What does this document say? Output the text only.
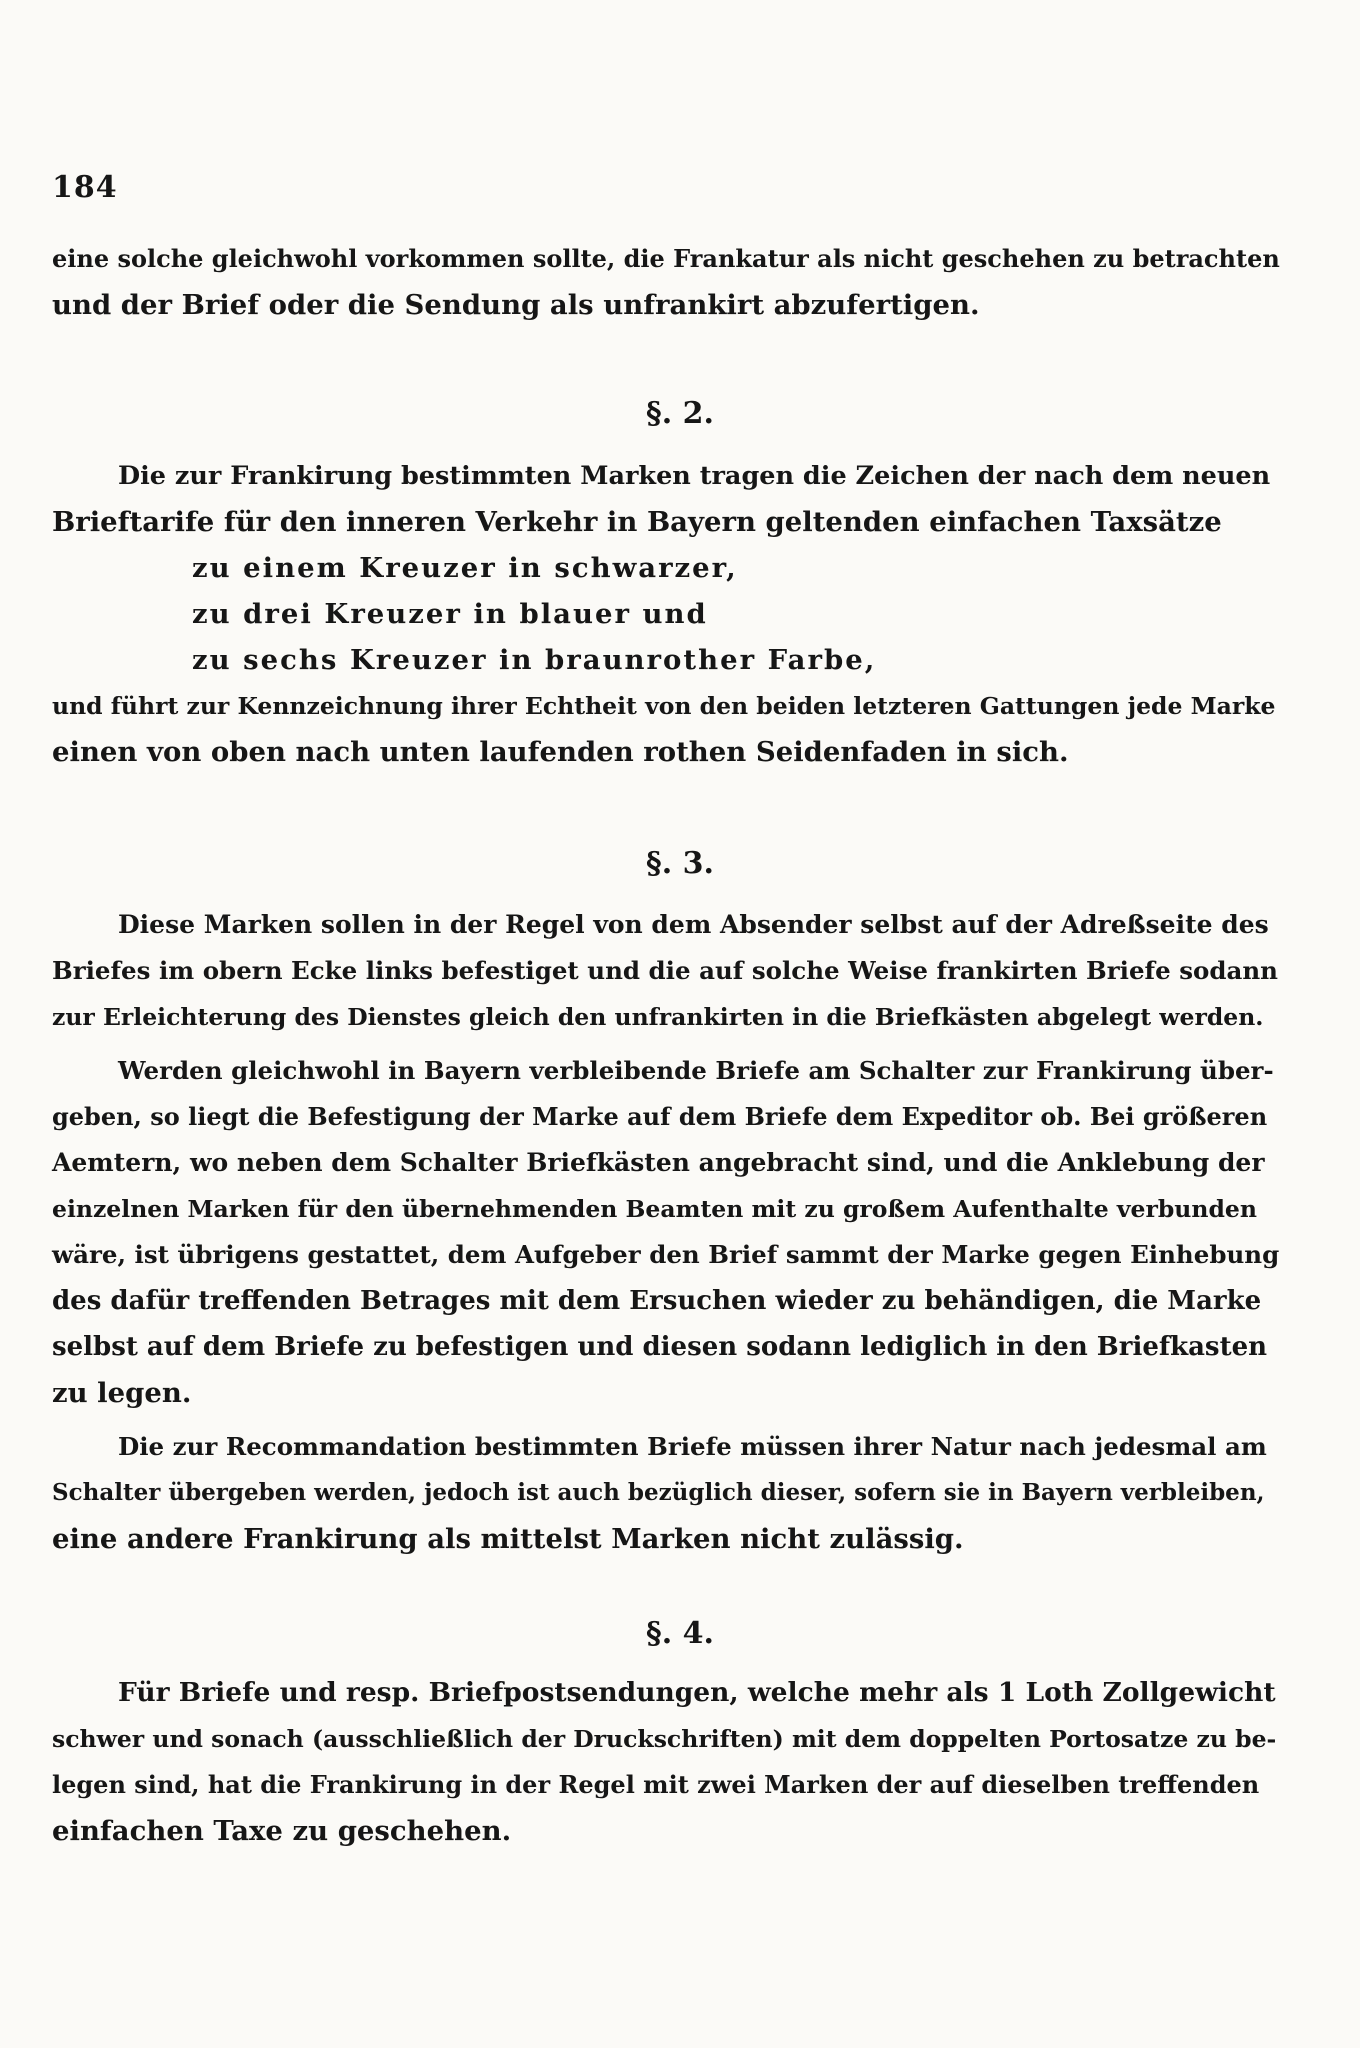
184
eine solche gleichwohl vorkommen sollte, die Frankatur als nicht geschehen zu betrachten
und der Brief oder die Sendung als unfrankirt abzufertigen.
§. 2.
Die zur Frankirung bestimmten Marken tragen die Zeichen der nach dem neuen
Brieftarife für den inneren Verkehr in Bayern geltenden einfachen Taxsätze
zu einem Kreuzer in schwarzer,
zu drei Kreuzer in blauer und
zu sechs Kreuzer in braunrother Farbe,
und führt zur Kennzeichnung ihrer Echtheit von den beiden letzteren Gattungen jede Marke
einen von oben nach unten laufenden rothen Seidenfaden in sich.
§. 3.
Diese Marken sollen in der Regel von dem Absender selbst auf der Adreßseite des
Briefes im obern Ecke links befestiget und die auf solche Weise frankirten Briefe sodann
zur Erleichterung des Dienstes gleich den unfrankirten in die Briefkästen abgelegt werden.
Werden gleichwohl in Bayern verbleibende Briefe am Schalter zur Frankirung über-
geben, so liegt die Befestigung der Marke auf dem Briefe dem Expeditor ob. Bei größeren
Aemtern, wo neben dem Schalter Briefkästen angebracht sind, und die Anklebung der
einzelnen Marken für den übernehmenden Beamten mit zu großem Aufenthalte verbunden
wäre, ist übrigens gestattet, dem Aufgeber den Brief sammt der Marke gegen Einhebung
des dafür treffenden Betrages mit dem Ersuchen wieder zu behändigen, die Marke
selbst auf dem Briefe zu befestigen und diesen sodann lediglich in den Briefkasten
zu legen.
Die zur Recommandation bestimmten Briefe müssen ihrer Natur nach jedesmal am
Schalter übergeben werden, jedoch ist auch bezüglich dieser, sofern sie in Bayern verbleiben,
eine andere Frankirung als mittelst Marken nicht zulässig.
§. 4.
Für Briefe und resp. Briefpostsendungen, welche mehr als 1 Loth Zollgewicht
schwer und sonach (ausschließlich der Druckschriften) mit dem doppelten Portosatze zu be-
legen sind, hat die Frankirung in der Regel mit zwei Marken der auf dieselben treffenden
einfachen Taxe zu geschehen.
